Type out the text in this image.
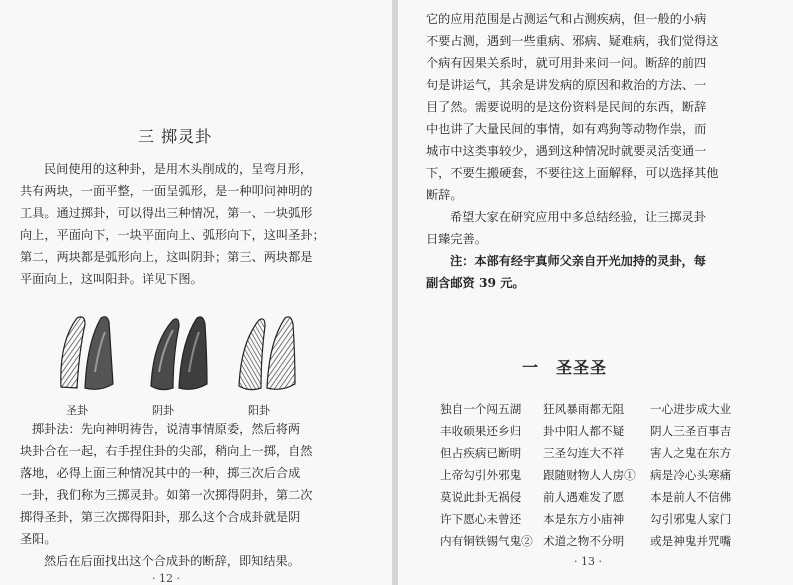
三 掷灵卦
民间使用的这种卦，是用木头削成的，呈弯月形，
共有两块，一面平整，一面呈弧形，是一种叩问神明的
工具。通过掷卦，可以得出三种情况，第一、一块弧形
向上，平面向下，一块平面向上、弧形向下，这叫圣卦；
第二，两块都是弧形向上，这叫阴卦；第三、两块都是
平面向上，这叫阳卦。详见下图。
圣卦	阴卦	阳卦
掷卦法：先向神明祷告，说清事情原委，然后将两
块卦合在一起，右手捏住卦的尖部，稍向上一掷，自然
落地，必得上面三种情况其中的一种，掷三次后合成
一卦，我们称为三掷灵卦。如第一次掷得阴卦，第二次
掷得圣卦，第三次掷得阳卦，那么这个合成卦就是阴
圣阳。
然后在后面找出这个合成卦的断辞，即知结果。
· 12 ·
它的应用范围是占测运气和占测疾病，但一般的小病
不要占测，遇到一些重病、邪病、疑难病，我们觉得这
个病有因果关系时，就可用卦来问一问。断辞的前四
句是讲运气，其余是讲发病的原因和救治的方法、一
目了然。需要说明的是这份资料是民间的东西，断辞
中也讲了大量民间的事情，如有鸡狗等动物作祟，而
城市中这类事较少，遇到这种情况时就要灵活变通一
下，不要生搬硬套，不要往这上面解释，可以选择其他
断辞。
希望大家在研究应用中多总结经验，让三掷灵卦
日臻完善。
注：本部有经宇真师父亲自开光加持的灵卦，每
副含邮资 39 元。
一　圣圣圣
独自一个闯五湖
丰收硕果还乡归
但占疾病已断明
上帝勾引外邪鬼
莫说此卦无祸侵
许下愿心未曾还
内有铜铁锡气鬼②
狂风暴雨都无阻
卦中阳人都不疑
三圣勾连大不祥
跟随财物人人房①
前人遇难发了愿
本是东方小庙神
术道之物不分明
一心进步成大业
阴人三圣百事吉
害人之鬼在东方
病是冷心头寒痛
本是前人不信佛
勾引邪鬼人家门
或是神鬼并咒嘴
· 13 ·
